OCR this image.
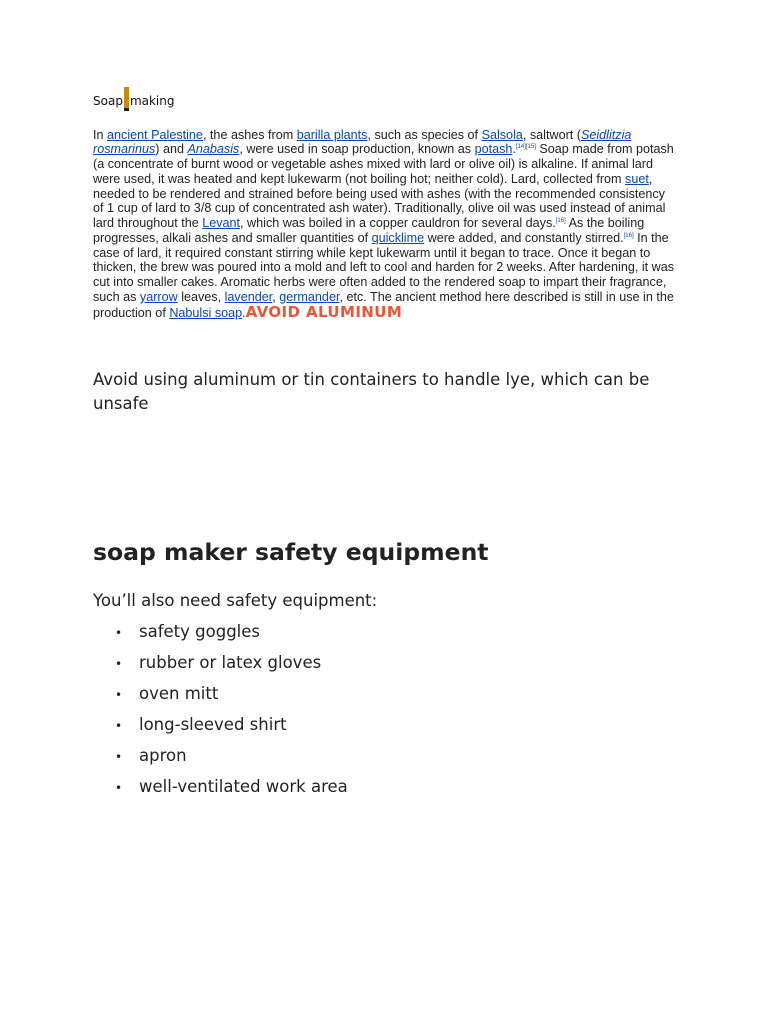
Soap making

In ancient Palestine, the ashes from barilla plants, such as species of Salsola, saltwort (Seidlitzia rosmarinus) and Anabasis, were used in soap production, known as potash.[14][15] Soap made from potash (a concentrate of burnt wood or vegetable ashes mixed with lard or olive oil) is alkaline. If animal lard were used, it was heated and kept lukewarm (not boiling hot; neither cold). Lard, collected from suet, needed to be rendered and strained before being used with ashes (with the recommended consistency of 1 cup of lard to 3/8 cup of concentrated ash water). Traditionally, olive oil was used instead of animal lard throughout the Levant, which was boiled in a copper cauldron for several days.[16] As the boiling progresses, alkali ashes and smaller quantities of quicklime were added, and constantly stirred.[16] In the case of lard, it required constant stirring while kept lukewarm until it began to trace. Once it began to thicken, the brew was poured into a mold and left to cool and harden for 2 weeks. After hardening, it was cut into smaller cakes. Aromatic herbs were often added to the rendered soap to impart their fragrance, such as yarrow leaves, lavender, germander, etc. The ancient method here described is still in use in the production of Nabulsi soap.AVOID ALUMINUM

Avoid using aluminum or tin containers to handle lye, which can be unsafe

soap maker safety equipment

You’ll also need safety equipment:

• safety goggles
• rubber or latex gloves
• oven mitt
• long-sleeved shirt
• apron
• well-ventilated work area
